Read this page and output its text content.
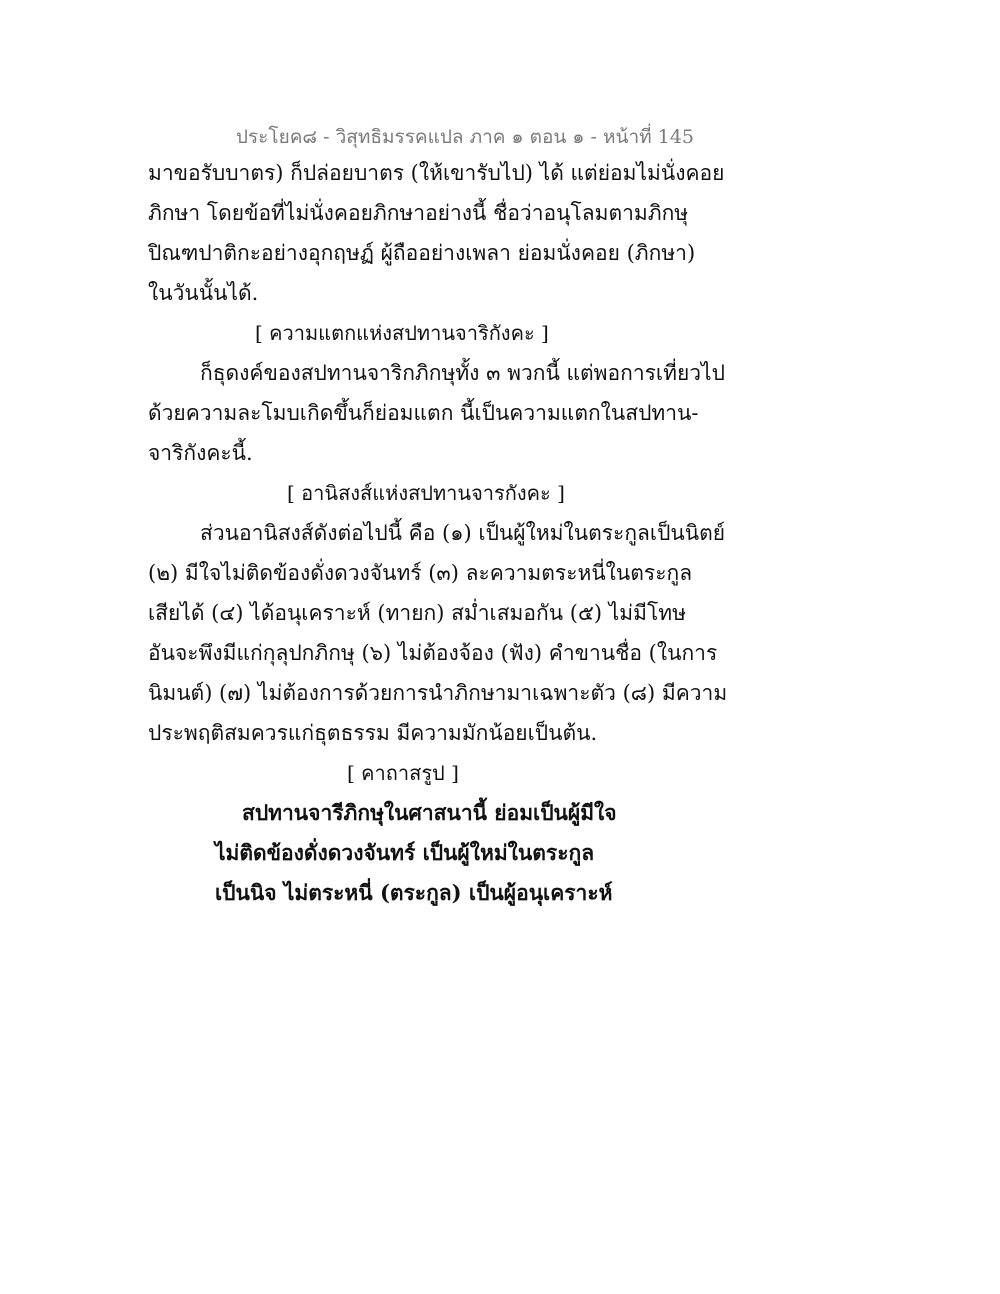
ประโยค๘ - วิสุทธิมรรคแปล ภาค ๑ ตอน ๑ - หน้าที่ 145
มาขอรับบาตร) ก็ปล่อยบาตร (ให้เขารับไป) ได้ แต่ย่อมไม่นั่งคอย
ภิกษา โดยข้อที่ไม่นั่งคอยภิกษาอย่างนี้ ชื่อว่าอนุโลมตามภิกษุ
ปิณฑปาติกะอย่างอุกฤษฏ์ ผู้ถืออย่างเพลา ย่อมนั่งคอย (ภิกษา)
ในวันนั้นได้.
[ ความแตกแห่งสปทานจาริกังคะ ]
ก็ธุดงค์ของสปทานจาริกภิกษุทั้ง ๓ พวกนี้ แต่พอการเที่ยวไป
ด้วยความละโมบเกิดขึ้นก็ย่อมแตก นี้เป็นความแตกในสปทาน-
จาริกังคะนี้.
[ อานิสงส์แห่งสปทานจารกังคะ ]
ส่วนอานิสงส์ดังต่อไปนี้ คือ (๑) เป็นผู้ใหม่ในตระกูลเป็นนิตย์
(๒) มีใจไม่ติดข้องดั่งดวงจันทร์ (๓) ละความตระหนี่ในตระกูล
เสียได้ (๔) ได้อนุเคราะห์ (ทายก) สม่ำเสมอกัน (๕) ไม่มีโทษ
อันจะพึงมีแก่กุลุปกภิกษุ (๖) ไม่ต้องจ้อง (ฟัง) คำขานชื่อ (ในการ
นิมนต์) (๗) ไม่ต้องการด้วยการนำภิกษามาเฉพาะตัว (๘) มีความ
ประพฤติสมควรแก่ธุตธรรม มีความมักน้อยเป็นต้น.
[ คาถาสรูป ]
สปทานจารีภิกษุในศาสนานี้ ย่อมเป็นผู้มีใจ
ไม่ติดข้องดั่งดวงจันทร์ เป็นผู้ใหม่ในตระกูล
เป็นนิจ ไม่ตระหนี่ (ตระกูล) เป็นผู้อนุเคราะห์
